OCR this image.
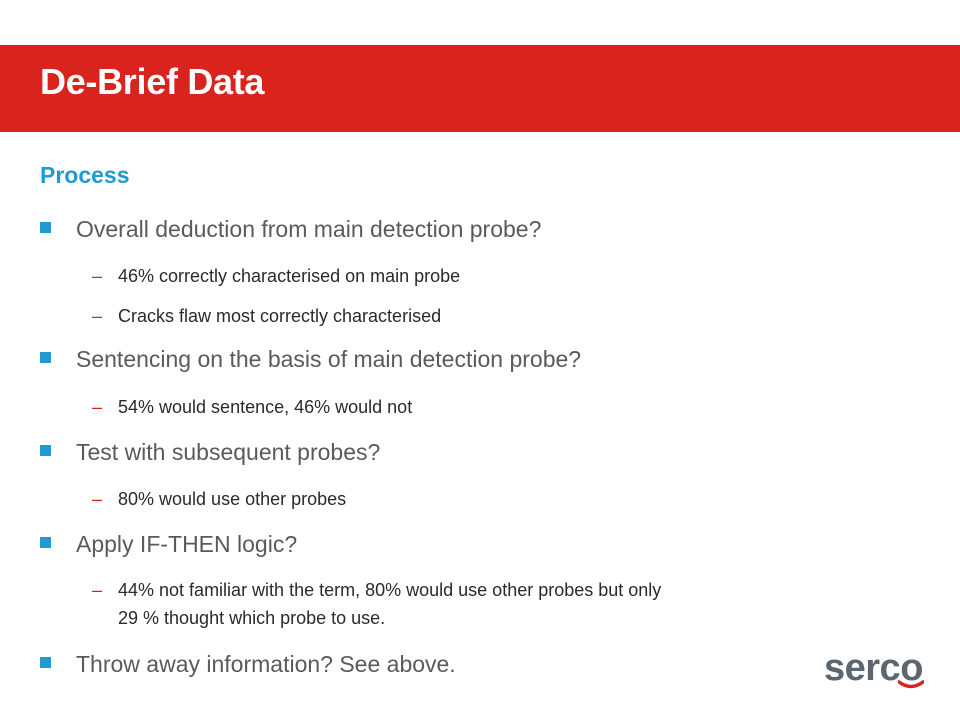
De-Brief Data
Process
Overall deduction from main detection probe?
– 46% correctly characterised on main probe
– Cracks flaw most correctly characterised
Sentencing on the basis of main detection probe?
– 54% would sentence, 46% would not
Test with subsequent probes?
– 80% would use other probes
Apply IF-THEN logic?
– 44% not familiar with the term, 80% would use other probes but only
29 % thought which probe to use.
Throw away information? See above.	serco
